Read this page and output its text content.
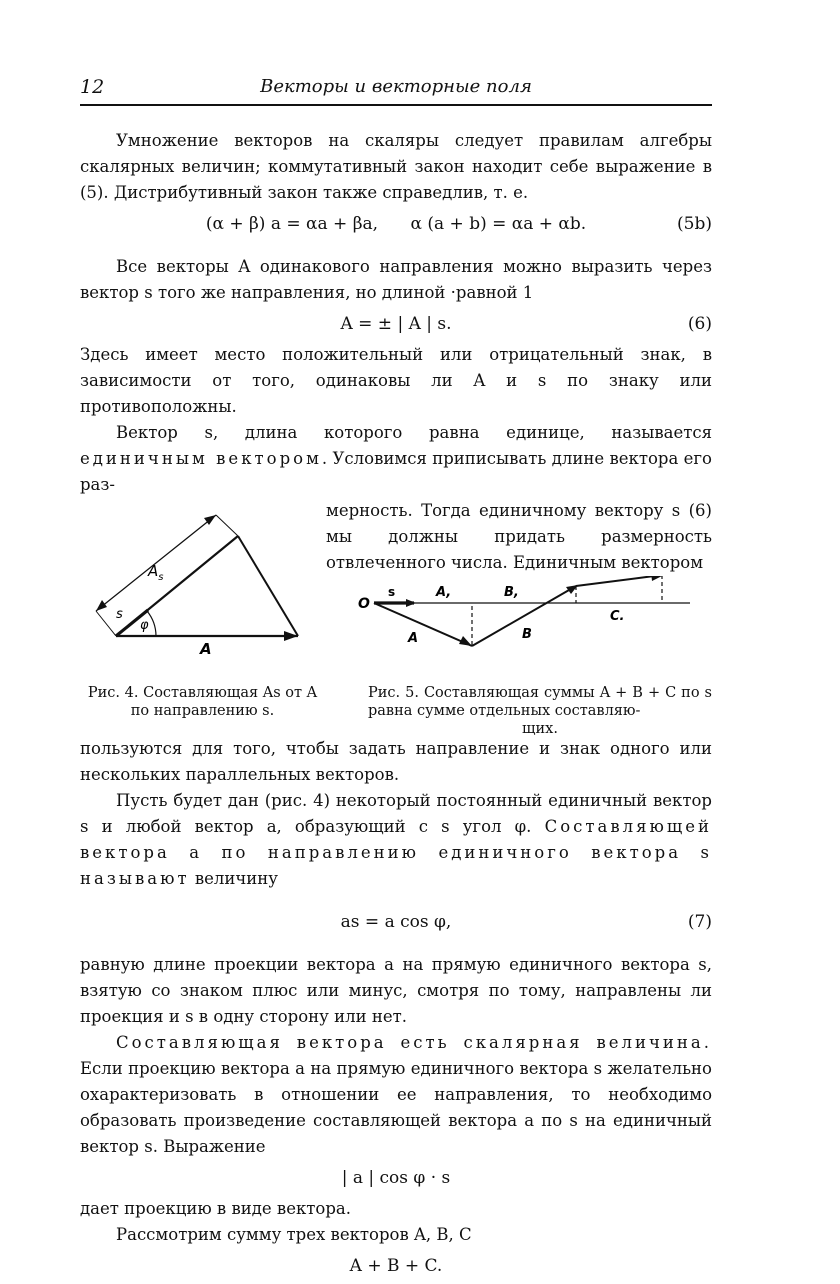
12	Векторы и векторные поля

Умножение векторов на скаляры следует правилам алгебры скалярных величин; коммутативный закон находит себе выражение в (5). Дистрибутивный закон также справедлив, т. е.

(α + β) a = αa + βa,      α (a + b) = αa + αb.	(5b)

Все векторы A одинакового направления можно выразить через вектор s того же направления, но длиной ·равной 1

A = ± | A | s.	(6)

Здесь имеет место положительный или отрицательный знак, в зависимости от того, одинаковы ли A и s по знаку или противоположны.

Вектор s, длина которого равна единице, называется единичным вектором. Условимся приписывать длине вектора его раз-

$A_s$
s
φ
A

мерность. Тогда единичному вектору s (6) мы должны придать размерность отвлеченного числа. Единичным вектором

O
s	A,	B,
C.
A	B
Рис. 4. Составляющая As от A по направлению s.
Рис. 5. Составляющая суммы A + B + C по s равна сумме отдельных составляю-
щих.

пользуются для того, чтобы задать направление и знак одного или нескольких параллельных векторов.

Пусть будет дан (рис. 4) некоторый постоянный единичный вектор s и любой вектор a, образующий с s угол φ. Составляющей вектора a по направлению единичного вектора s называют величину

as = a cos φ,	(7)

равную длине проекции вектора a на прямую единичного вектора s, взятую со знаком плюс или минус, смотря по тому, направлены ли проекция и s в одну сторону или нет.

Составляющая вектора есть скалярная величина. Если проекцию вектора a на прямую единичного вектора s желательно охарактеризовать в отношении ее направления, то необходимо образовать произведение составляющей вектора a по s на единичный вектор s. Выражение

| a | cos φ · s

дает проекцию в виде вектора.

Рассмотрим сумму трех векторов A, B, C

A + B + C.
